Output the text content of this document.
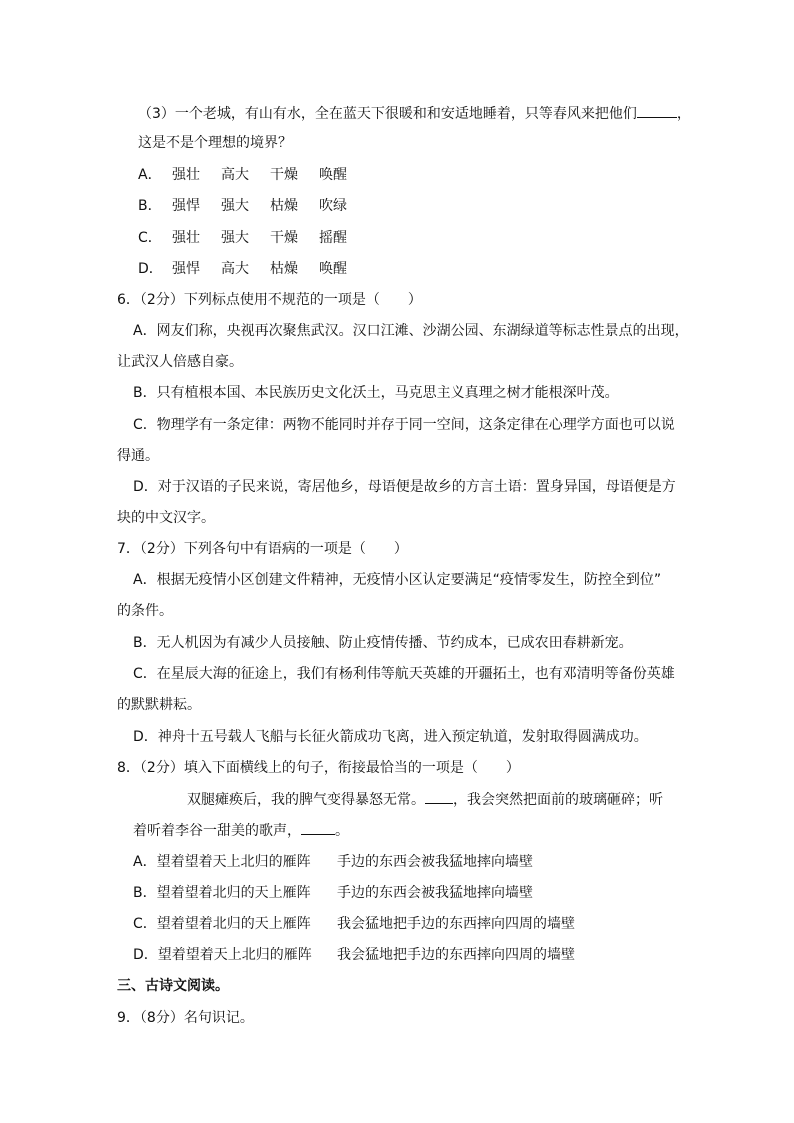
（3）一个老城，有山有水，全在蓝天下很暖和和安适地睡着，只等春风来把他们	，
这是不是个理想的境界？
A． 强壮	高大	干燥	唤醒
B． 强悍	强大	枯燥	吹绿
C． 强壮	强大	干燥	摇醒
D． 强悍	高大	枯燥	唤醒
6．（2分）下列标点使用不规范的一项是（　　）
A．网友们称，央视再次聚焦武汉。汉口江滩、沙湖公园、东湖绿道等标志性景点的出现，
让武汉人倍感自豪。
B．只有植根本国、本民族历史文化沃土，马克思主义真理之树才能根深叶茂。
C．物理学有一条定律：两物不能同时并存于同一空间，这条定律在心理学方面也可以说
得通。
D．对于汉语的子民来说，寄居他乡，母语便是故乡的方言土语：置身异国，母语便是方
块的中文汉字。
7．（2分）下列各句中有语病的一项是（　　）
A．根据无疫情小区创建文件精神，无疫情小区认定要满足“疫情零发生，防控全到位”
的条件。
B．无人机因为有减少人员接触、防止疫情传播、节约成本，已成农田春耕新宠。
C．在星辰大海的征途上，我们有杨利伟等航天英雄的开疆拓土，也有邓清明等备份英雄
的默默耕耘。
D．神舟十五号载人飞船与长征火箭成功飞离，进入预定轨道，发射取得圆满成功。
8．（2分）填入下面横线上的句子，衔接最恰当的一项是（　　）
双腿瘫痪后，我的脾气变得暴怒无常。 ，我会突然把面前的玻璃砸碎；听
着听着李谷一甜美的歌声， 。
A．望着望着天上北归的雁阵 手边的东西会被我猛地摔向墙壁
B．望着望着北归的天上雁阵 手边的东西会被我猛地摔向墙壁
C．望着望着北归的天上雁阵 我会猛地把手边的东西摔向四周的墙壁
D．望着望着天上北归的雁阵 我会猛地把手边的东西摔向四周的墙壁
三、古诗文阅读。
9．（8分）名句识记。
